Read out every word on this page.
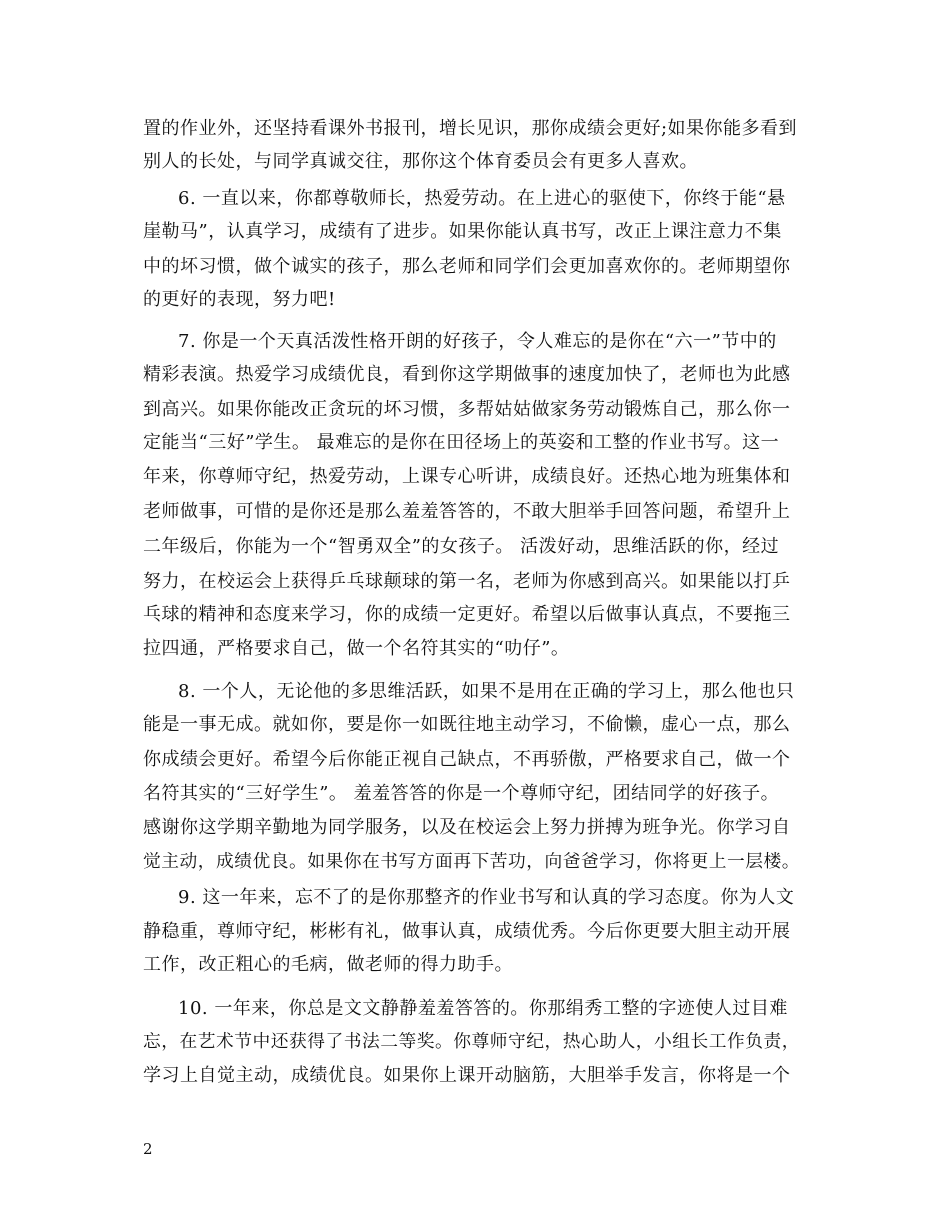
置的作业外，还坚持看课外书报刊，增长见识，那你成绩会更好;如果你能多看到
别人的长处，与同学真诚交往，那你这个体育委员会有更多人喜欢。
6. 一直以来，你都尊敬师长，热爱劳动。在上进心的驱使下，你终于能“悬
崖勒马”，认真学习，成绩有了进步。如果你能认真书写，改正上课注意力不集
中的坏习惯，做个诚实的孩子，那么老师和同学们会更加喜欢你的。老师期望你
的更好的表现，努力吧!
7. 你是一个天真活泼性格开朗的好孩子，令人难忘的是你在“六一”节中的
精彩表演。热爱学习成绩优良，看到你这学期做事的速度加快了，老师也为此感
到高兴。如果你能改正贪玩的坏习惯，多帮姑姑做家务劳动锻炼自己，那么你一
定能当“三好”学生。 最难忘的是你在田径场上的英姿和工整的作业书写。这一
年来，你尊师守纪，热爱劳动，上课专心听讲，成绩良好。还热心地为班集体和
老师做事，可惜的是你还是那么羞羞答答的，不敢大胆举手回答问题，希望升上
二年级后，你能为一个“智勇双全”的女孩子。 活泼好动，思维活跃的你，经过
努力，在校运会上获得乒乓球颠球的第一名，老师为你感到高兴。如果能以打乒
乓球的精神和态度来学习，你的成绩一定更好。希望以后做事认真点，不要拖三
拉四通，严格要求自己，做一个名符其实的“叻仔”。
8. 一个人，无论他的多思维活跃，如果不是用在正确的学习上，那么他也只
能是一事无成。就如你，要是你一如既往地主动学习，不偷懒，虚心一点，那么
你成绩会更好。希望今后你能正视自己缺点，不再骄傲，严格要求自己，做一个
名符其实的“三好学生”。 羞羞答答的你是一个尊师守纪，团结同学的好孩子。
感谢你这学期辛勤地为同学服务，以及在校运会上努力拼搏为班争光。你学习自
觉主动，成绩优良。如果你在书写方面再下苦功，向爸爸学习，你将更上一层楼。
9. 这一年来，忘不了的是你那整齐的作业书写和认真的学习态度。你为人文
静稳重，尊师守纪，彬彬有礼，做事认真，成绩优秀。今后你更要大胆主动开展
工作，改正粗心的毛病，做老师的得力助手。
10. 一年来，你总是文文静静羞羞答答的。你那绢秀工整的字迹使人过目难
忘，在艺术节中还获得了书法二等奖。你尊师守纪，热心助人，小组长工作负责，
学习上自觉主动，成绩优良。如果你上课开动脑筋，大胆举手发言，你将是一个
2
